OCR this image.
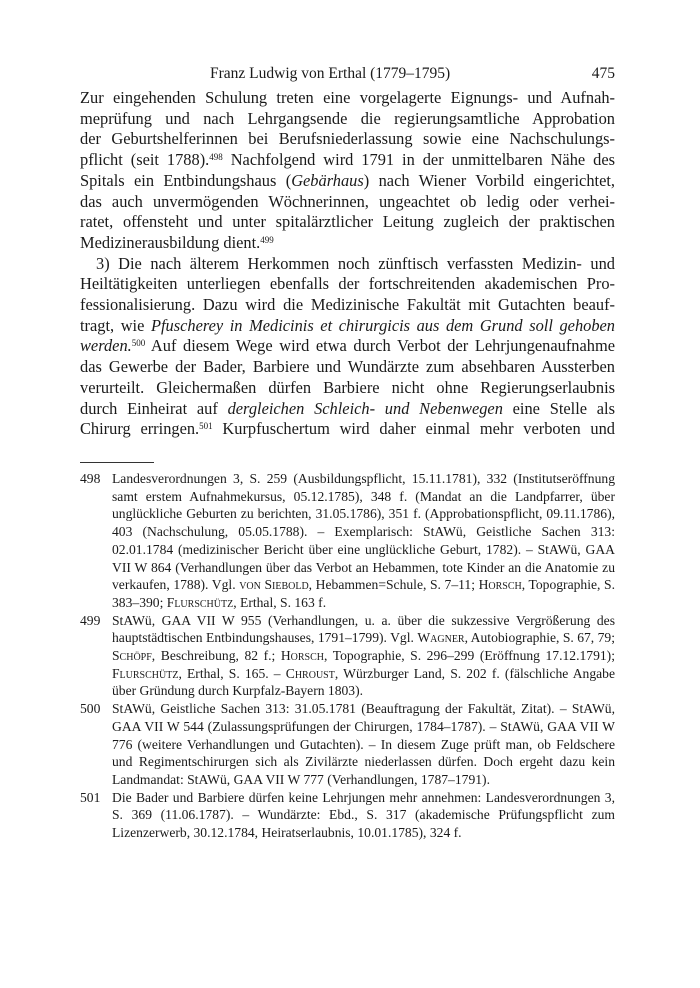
Franz Ludwig von Erthal (1779–1795)	475

Zur eingehenden Schulung treten eine vorgelagerte Eignungs- und Aufnah-

meprüfung und nach Lehrgangsende die regierungsamtliche Approbation

der Geburtshelferinnen bei Berufsniederlassung sowie eine Nachschulungs-

pflicht (seit 1788).$^{498}$ Nachfolgend wird 1791 in der unmittelbaren Nähe des

Spitals ein Entbindungshaus (Gebärhaus) nach Wiener Vorbild eingerichtet,

das auch unvermögenden Wöchnerinnen, ungeachtet ob ledig oder verhei-

ratet, offensteht und unter spitalärztlicher Leitung zugleich der praktischen

Medizinerausbildung dient.$^{499}$

3) Die nach älterem Herkommen noch zünftisch verfassten Medizin- und

Heiltätigkeiten unterliegen ebenfalls der fortschreitenden akademischen Pro-

fessionalisierung. Dazu wird die Medizinische Fakultät mit Gutachten beauf-

tragt, wie Pfuscherey in Medicinis et chirurgicis aus dem Grund soll gehoben

werden.$^{500}$ Auf diesem Wege wird etwa durch Verbot der Lehrjungenaufnahme

das Gewerbe der Bader, Barbiere und Wundärzte zum absehbaren Aussterben

verurteilt. Gleichermaßen dürfen Barbiere nicht ohne Regierungserlaubnis

durch Einheirat auf dergleichen Schleich- und Nebenwegen eine Stelle als

Chirurg erringen.$^{501}$ Kurpfuschertum wird daher einmal mehr verboten und

498 Landesverordnungen 3, S. 259 (Ausbildungspflicht, 15.11.1781), 332 (Institutseröffnung samt erstem Aufnahmekursus, 05.12.1785), 348 f. (Mandat an die Landpfarrer, über unglückliche Geburten zu berichten, 31.05.1786), 351 f. (Approbationspflicht, 09.11.1786), 403 (Nachschulung, 05.05.1788). – Exemplarisch: StAWü, Geistliche Sachen 313: 02.01.1784 (medizinischer Bericht über eine unglückliche Geburt, 1782). – StAWü, GAA VII W 864 (Verhandlungen über das Verbot an Hebammen, tote Kinder an die Anatomie zu verkaufen, 1788). Vgl. von Siebold, Hebammen=Schule, S. 7–11; Horsch, Topographie, S. 383–390; Flurschütz, Erthal, S. 163 f.
499 StAWü, GAA VII W 955 (Verhandlungen, u. a. über die sukzessive Vergrößerung des hauptstädtischen Entbindungshauses, 1791–1799). Vgl. Wagner, Autobiographie, S. 67, 79; Schöpf, Beschreibung, 82 f.; Horsch, Topographie, S. 296–299 (Eröffnung 17.12.1791); Flurschütz, Erthal, S. 165. – Chroust, Würzburger Land, S. 202 f. (fälschliche Angabe über Gründung durch Kurpfalz-Bayern 1803).
500 StAWü, Geistliche Sachen 313: 31.05.1781 (Beauftragung der Fakultät, Zitat). – StAWü, GAA VII W 544 (Zulassungsprüfungen der Chirurgen, 1784–1787). – StAWü, GAA VII W 776 (weitere Verhandlungen und Gutachten). – In diesem Zuge prüft man, ob Feldschere und Regimentschirurgen sich als Zivilärzte niederlassen dürfen. Doch ergeht dazu kein Landmandat: StAWü, GAA VII W 777 (Verhandlungen, 1787–1791).
501 Die Bader und Barbiere dürfen keine Lehrjungen mehr annehmen: Landesverordnungen 3, S. 369 (11.06.1787). – Wundärzte: Ebd., S. 317 (akademische Prüfungspflicht zum Lizenzerwerb, 30.12.1784, Heiratserlaubnis, 10.01.1785), 324 f.
